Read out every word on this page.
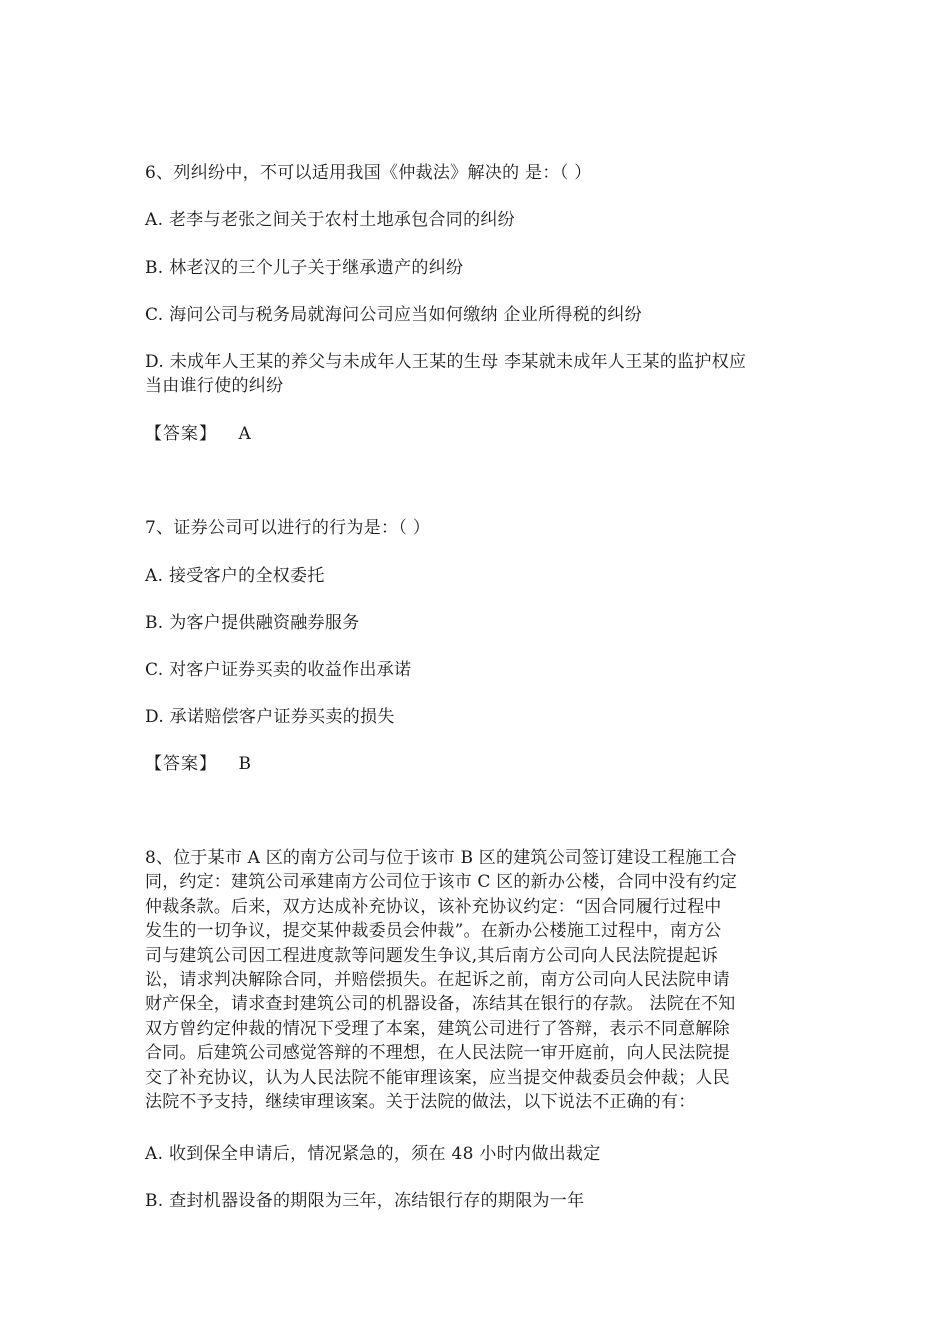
6、列纠纷中，不可以适用我国《仲裁法》解决的 是：（ ）
A. 老李与老张之间关于农村土地承包合同的纠纷
B. 林老汉的三个儿子关于继承遗产的纠纷
C. 海问公司与税务局就海问公司应当如何缴纳 企业所得税的纠纷
D. 未成年人王某的养父与未成年人王某的生母 李某就未成年人王某的监护权应
当由谁行使的纠纷
【答案】 A
7、证券公司可以进行的行为是：（ ）
A. 接受客户的全权委托
B. 为客户提供融资融券服务
C. 对客户证券买卖的收益作出承诺
D. 承诺赔偿客户证券买卖的损失
【答案】 B
8、位于某市 A 区的南方公司与位于该市 B 区的建筑公司签订建设工程施工合
同，约定：建筑公司承建南方公司位于该市 C 区的新办公楼，合同中没有约定
仲裁条款。后来，双方达成补充协议，该补充协议约定：“因合同履行过程中
发生的一切争议，提交某仲裁委员会仲裁”。在新办公楼施工过程中，南方公
司与建筑公司因工程进度款等问题发生争议,其后南方公司向人民法院提起诉
讼，请求判决解除合同，并赔偿损失。在起诉之前，南方公司向人民法院申请
财产保全，请求查封建筑公司的机器设备，冻结其在银行的存款。 法院在不知
双方曾约定仲裁的情况下受理了本案，建筑公司进行了答辩，表示不同意解除
合同。后建筑公司感觉答辩的不理想，在人民法院一审开庭前，向人民法院提
交了补充协议，认为人民法院不能审理该案，应当提交仲裁委员会仲裁；人民
法院不予支持，继续审理该案。关于法院的做法，以下说法不正确的有：
A. 收到保全申请后，情况紧急的，须在 48 小时内做出裁定
B. 查封机器设备的期限为三年，冻结银行存的期限为一年
